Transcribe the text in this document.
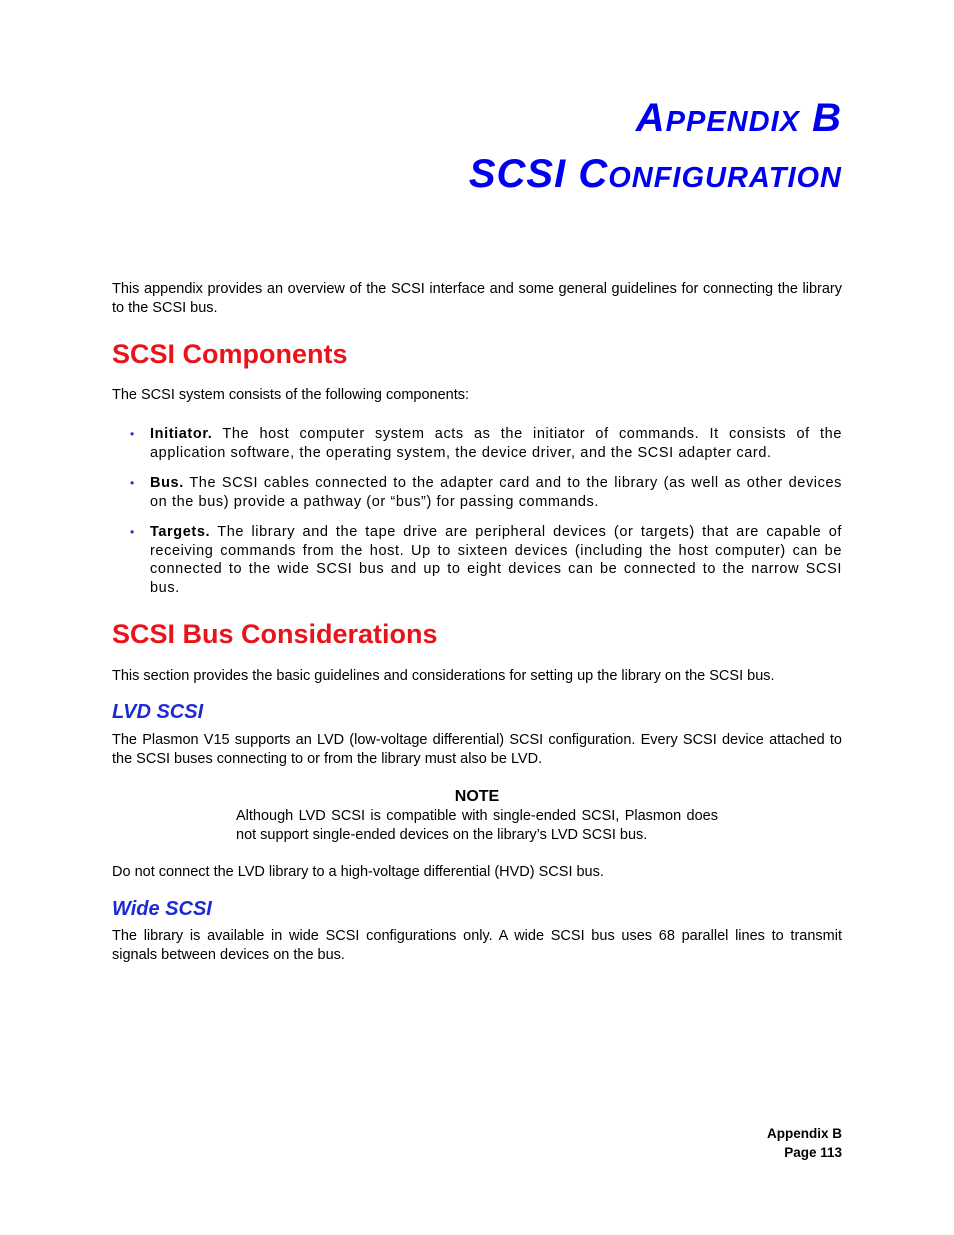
APPENDIX B
SCSI CONFIGURATION

This appendix provides an overview of the SCSI interface and some general guidelines for connecting the library to the SCSI bus.

SCSI Components

The SCSI system consists of the following components:

• Initiator. The host computer system acts as the initiator of commands. It consists of the application software, the operating system, the device driver, and the SCSI adapter card.
• Bus. The SCSI cables connected to the adapter card and to the library (as well as other devices on the bus) provide a pathway (or “bus”) for passing commands.
• Targets. The library and the tape drive are peripheral devices (or targets) that are capable of receiving commands from the host. Up to sixteen devices (including the host computer) can be connected to the wide SCSI bus and up to eight devices can be connected to the narrow SCSI bus.
SCSI Bus Considerations

This section provides the basic guidelines and considerations for setting up the library on the SCSI bus.

LVD SCSI

The Plasmon V15 supports an LVD (low-voltage differential) SCSI configuration. Every SCSI device attached to the SCSI buses connecting to or from the library must also be LVD.

NOTE
Although LVD SCSI is compatible with single-ended SCSI, Plasmon does not support single-ended devices on the library’s LVD SCSI bus.

Do not connect the LVD library to a high-voltage differential (HVD) SCSI bus.

Wide SCSI

The library is available in wide SCSI configurations only. A wide SCSI bus uses 68 parallel lines to transmit signals between devices on the bus.

Appendix B
Page 113
